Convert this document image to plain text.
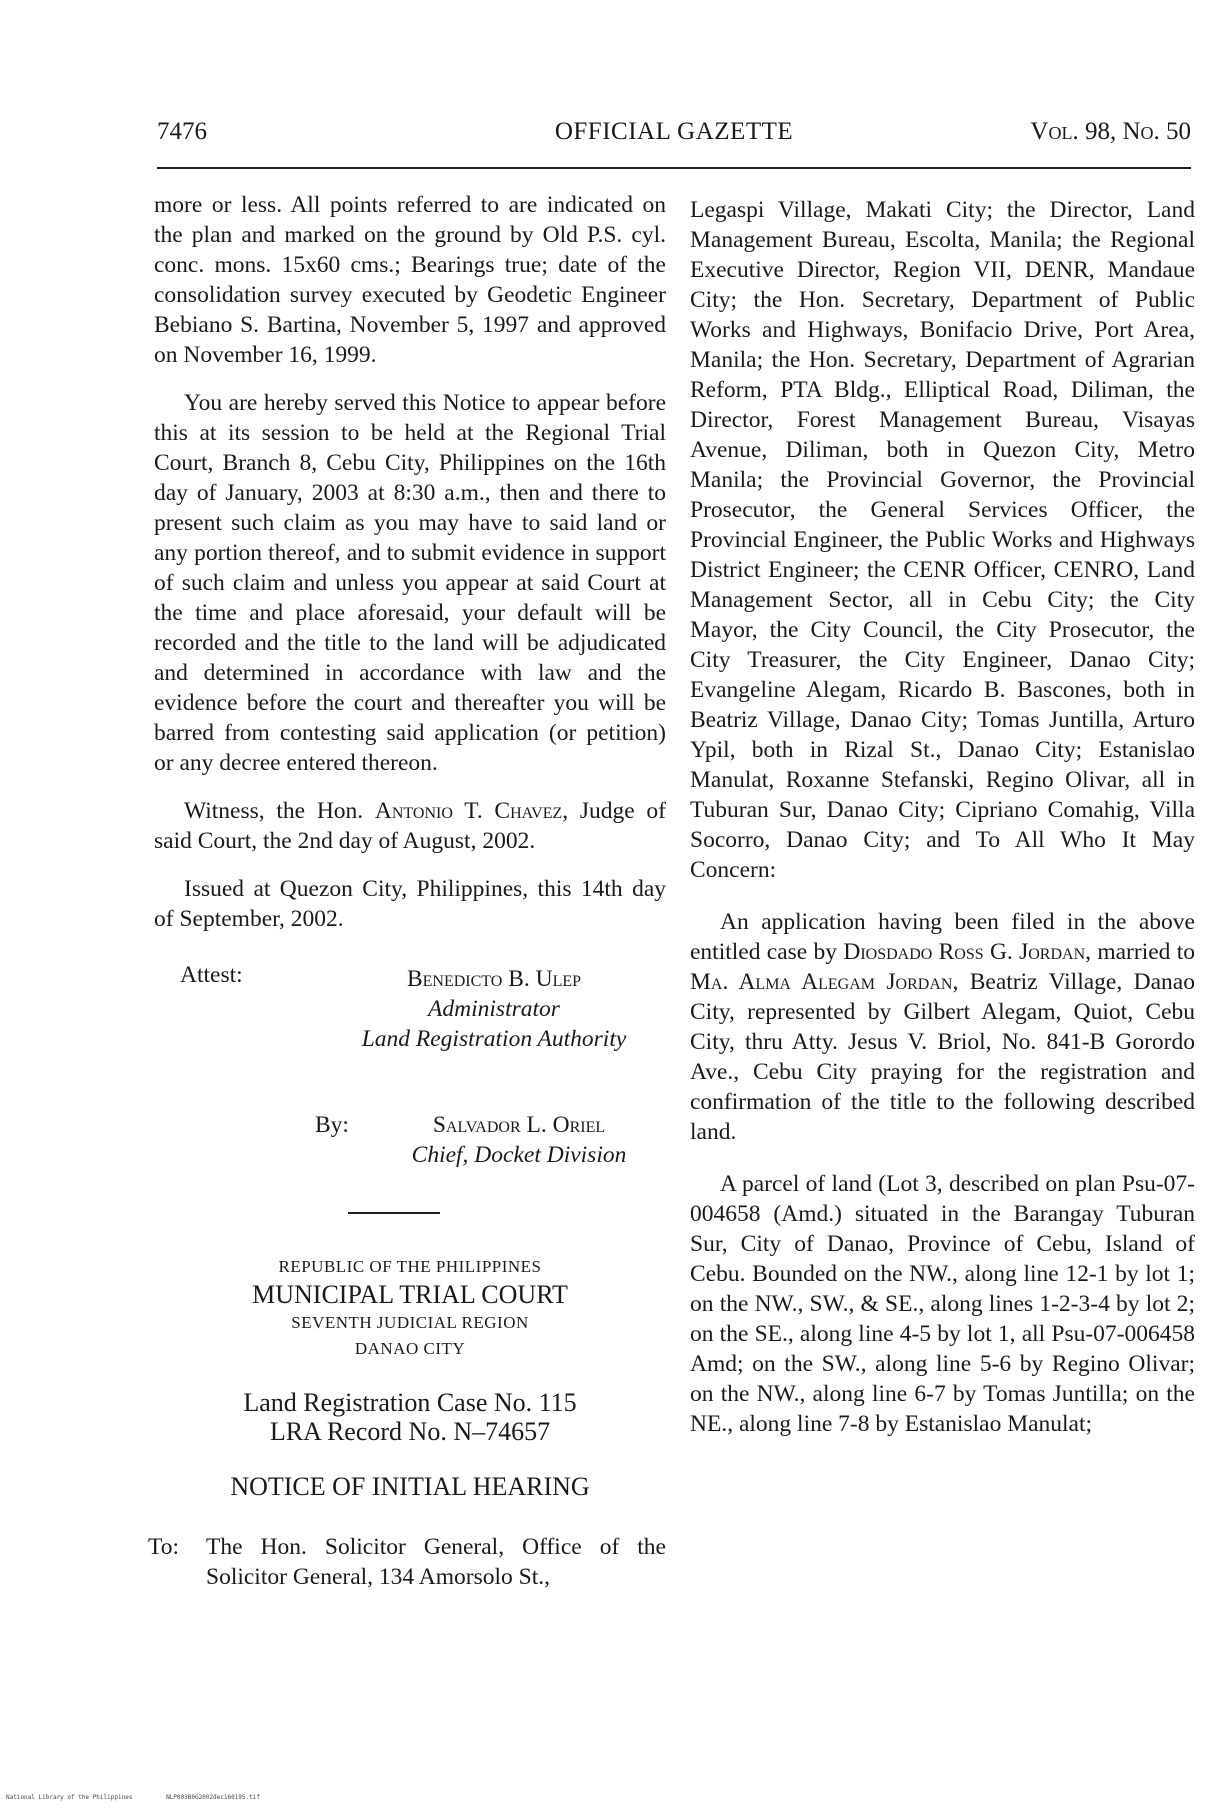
7476	OFFICIAL GAZETTE	Vol. 98, No. 50

more or less. All points referred to are indicated on the plan and marked on the ground by Old P.S. cyl. conc. mons. 15x60 cms.; Bearings true; date of the consolidation survey executed by Geodetic Engineer Bebiano S. Bartina, November 5, 1997 and approved on November 16, 1999.

You are hereby served this Notice to appear before this at its session to be held at the Regional Trial Court, Branch 8, Cebu City, Philippines on the 16th day of January, 2003 at 8:30 a.m., then and there to present such claim as you may have to said land or any portion thereof, and to submit evidence in support of such claim and unless you appear at said Court at the time and place aforesaid, your default will be recorded and the title to the land will be adjudicated and determined in accordance with law and the evidence before the court and thereafter you will be barred from contesting said application (or petition) or any decree entered thereon.

Witness, the Hon. Antonio T. Chavez, Judge of said Court, the 2nd day of August, 2002.

Issued at Quezon City, Philippines, this 14th day of September, 2002.

Attest:	Benedicto B. Ulep
Administrator
Land Registration Authority
By:	Salvador L. Oriel
Chief, Docket Division
REPUBLIC OF THE PHILIPPINES
MUNICIPAL TRIAL COURT
SEVENTH JUDICIAL REGION
DANAO CITY
Land Registration Case No. 115
LRA Record No. N–74657
NOTICE OF INITIAL HEARING
To: The Hon. Solicitor General, Office of the Solicitor General, 134 Amorsolo St.,

Legaspi Village, Makati City; the Director, Land Management Bureau, Escolta, Manila; the Regional Executive Director, Region VII, DENR, Mandaue City; the Hon. Secretary, Department of Public Works and Highways, Bonifacio Drive, Port Area, Manila; the Hon. Secretary, Department of Agrarian Reform, PTA Bldg., Elliptical Road, Diliman, the Director, Forest Management Bureau, Visayas Avenue, Diliman, both in Quezon City, Metro Manila; the Provincial Governor, the Provincial Prosecutor, the General Services Officer, the Provincial Engineer, the Public Works and Highways District Engineer; the CENR Officer, CENRO, Land Management Sector, all in Cebu City; the City Mayor, the City Council, the City Prosecutor, the City Treasurer, the City Engineer, Danao City; Evangeline Alegam, Ricardo B. Bascones, both in Beatriz Village, Danao City; Tomas Juntilla, Arturo Ypil, both in Rizal St., Danao City; Estanislao Manulat, Roxanne Stefanski, Regino Olivar, all in Tuburan Sur, Danao City; Cipriano Comahig, Villa Socorro, Danao City; and To All Who It May Concern:

An application having been filed in the above entitled case by Diosdado Ross G. Jordan, married to Ma. Alma Alegam Jordan, Beatriz Village, Danao City, represented by Gilbert Alegam, Quiot, Cebu City, thru Atty. Jesus V. Briol, No. 841-B Gorordo Ave., Cebu City praying for the registration and confirmation of the title to the following described land.

A parcel of land (Lot 3, described on plan Psu-07-004658 (Amd.) situated in the Barangay Tuburan Sur, City of Danao, Province of Cebu, Island of Cebu. Bounded on the NW., along line 12-1 by lot 1; on the NW., SW., & SE., along lines 1-2-3-4 by lot 2; on the SE., along line 4-5 by lot 1, all Psu-07-006458 Amd; on the SW., along line 5-6 by Regino Olivar; on the NW., along line 6-7 by Tomas Juntilla; on the NE., along line 7-8 by Estanislao Manulat;

National Library of the Philippines	NLP003B0G2002dec160195.tif
